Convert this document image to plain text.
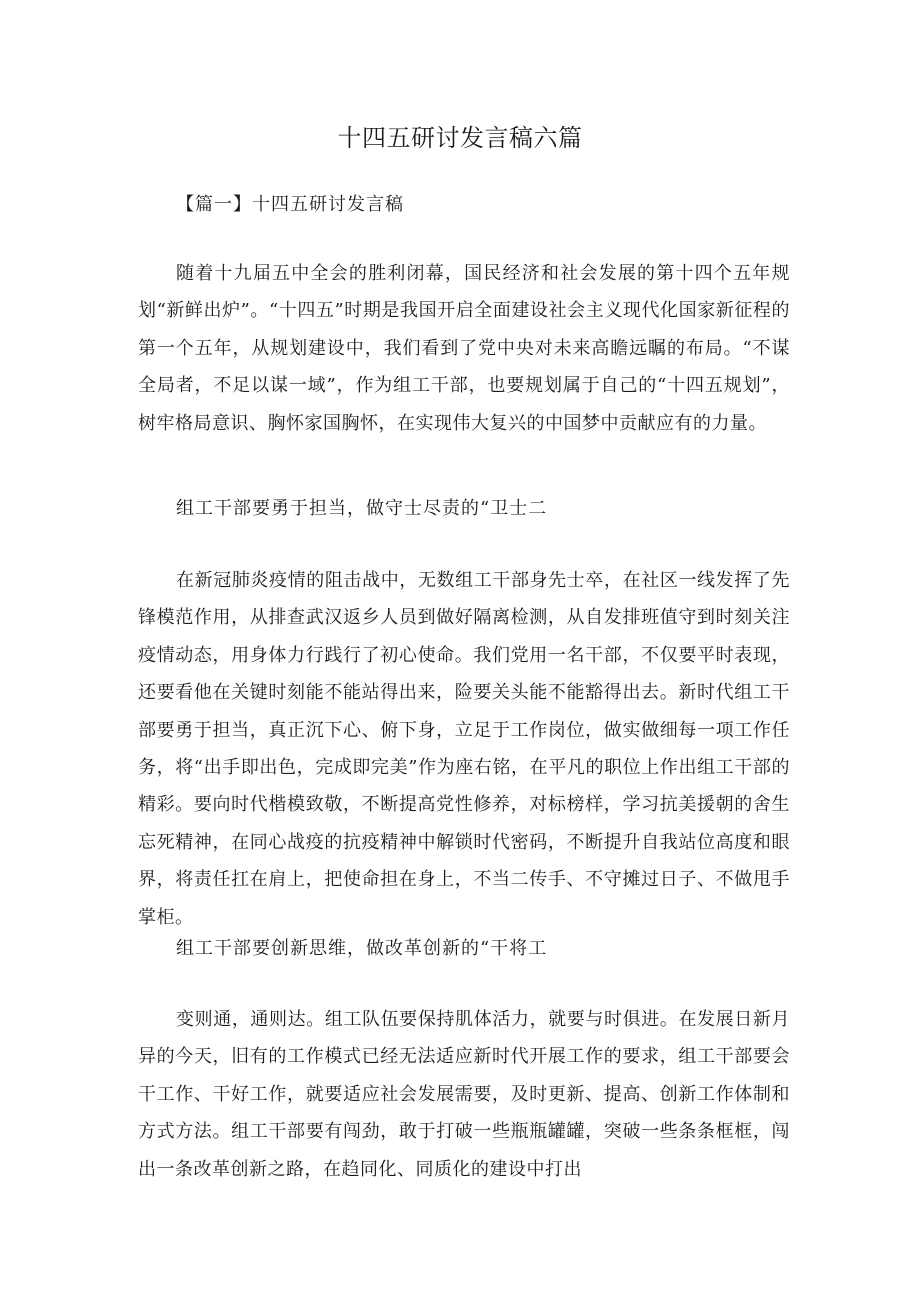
十四五研讨发言稿六篇

【篇一】十四五研讨发言稿

随着十九届五中全会的胜利闭幕，国民经济和社会发展的第十四个五年规划“新鲜出炉”。“十四五”时期是我国开启全面建设社会主义现代化国家新征程的第一个五年，从规划建设中，我们看到了党中央对未来高瞻远瞩的布局。“不谋全局者，不足以谋一域”，作为组工干部，也要规划属于自己的“十四五规划”，树牢格局意识、胸怀家国胸怀，在实现伟大复兴的中国梦中贡献应有的力量。

组工干部要勇于担当，做守士尽责的“卫士二

在新冠肺炎疫情的阻击战中，无数组工干部身先士卒，在社区一线发挥了先锋模范作用，从排查武汉返乡人员到做好隔离检测，从自发排班值守到时刻关注疫情动态，用身体力行践行了初心使命。我们党用一名干部，不仅要平时表现，还要看他在关键时刻能不能站得出来，险要关头能不能豁得出去。新时代组工干部要勇于担当，真正沉下心、俯下身，立足于工作岗位，做实做细每一项工作任务，将“出手即出色，完成即完美”作为座右铭，在平凡的职位上作出组工干部的精彩。要向时代楷模致敬，不断提高党性修养，对标榜样，学习抗美援朝的舍生忘死精神，在同心战疫的抗疫精神中解锁时代密码，不断提升自我站位高度和眼界，将责任扛在肩上，把使命担在身上，不当二传手、不守摊过日子、不做甩手掌柜。

组工干部要创新思维，做改革创新的“干将工

变则通，通则达。组工队伍要保持肌体活力，就要与时俱进。在发展日新月异的今天，旧有的工作模式已经无法适应新时代开展工作的要求，组工干部要会干工作、干好工作，就要适应社会发展需要，及时更新、提高、创新工作体制和方式方法。组工干部要有闯劲，敢于打破一些瓶瓶罐罐，突破一些条条框框，闯出一条改革创新之路，在趋同化、同质化的建设中打出
